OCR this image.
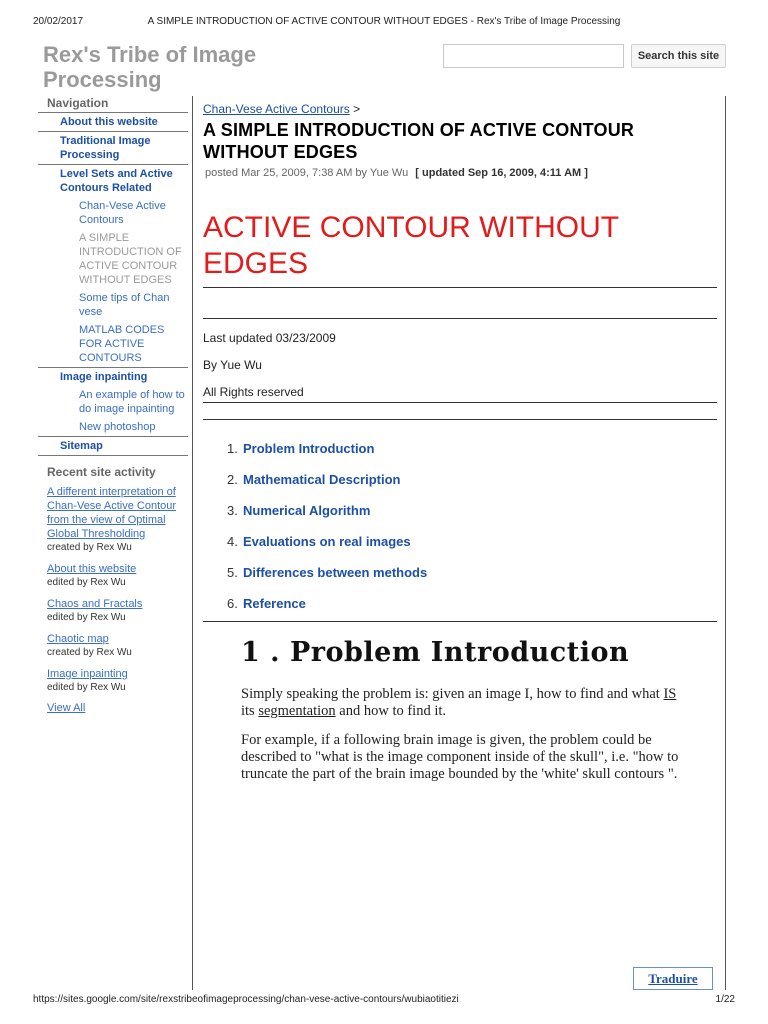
20/02/2017	A SIMPLE INTRODUCTION OF ACTIVE CONTOUR WITHOUT EDGES - Rex's Tribe of Image Processing
Rex's Tribe of Image Processing
Search this site
Navigation
About this website
Traditional Image Processing
Level Sets and Active Contours Related
Chan-Vese Active Contours
A SIMPLE INTRODUCTION OF ACTIVE CONTOUR WITHOUT EDGES
Some tips of Chan vese
MATLAB CODES FOR ACTIVE CONTOURS
Image inpainting
An example of how to do image inpainting
New photoshop
Sitemap
Recent site activity
A different interpretation of Chan-Vese Active Contour from the view of Optimal Global Thresholding
created by Rex Wu
About this website
edited by Rex Wu
Chaos and Fractals
edited by Rex Wu
Chaotic map
created by Rex Wu
Image inpainting
edited by Rex Wu
View All
Chan-Vese Active Contours >
A SIMPLE INTRODUCTION OF ACTIVE CONTOUR WITHOUT EDGES
posted Mar 25, 2009, 7:38 AM by Yue Wu [ updated Sep 16, 2009, 4:11 AM ]
ACTIVE CONTOUR WITHOUT EDGES
Last updated 03/23/2009
By Yue Wu
All Rights reserved
1. Problem Introduction
2. Mathematical Description
3. Numerical Algorithm
4. Evaluations on real images
5. Differences between methods
6. Reference
1 . Problem Introduction
Simply speaking the problem is: given an image I, how to find and what IS its segmentation and how to find it.
For example, if a following brain image is given, the problem could be described to "what is the image component inside of the skull", i.e. "how to truncate the part of the brain image bounded by the 'white' skull contours ".
Traduire
https://sites.google.com/site/rexstribeofimageprocessing/chan-vese-active-contours/wubiaotitiezi	1/22
